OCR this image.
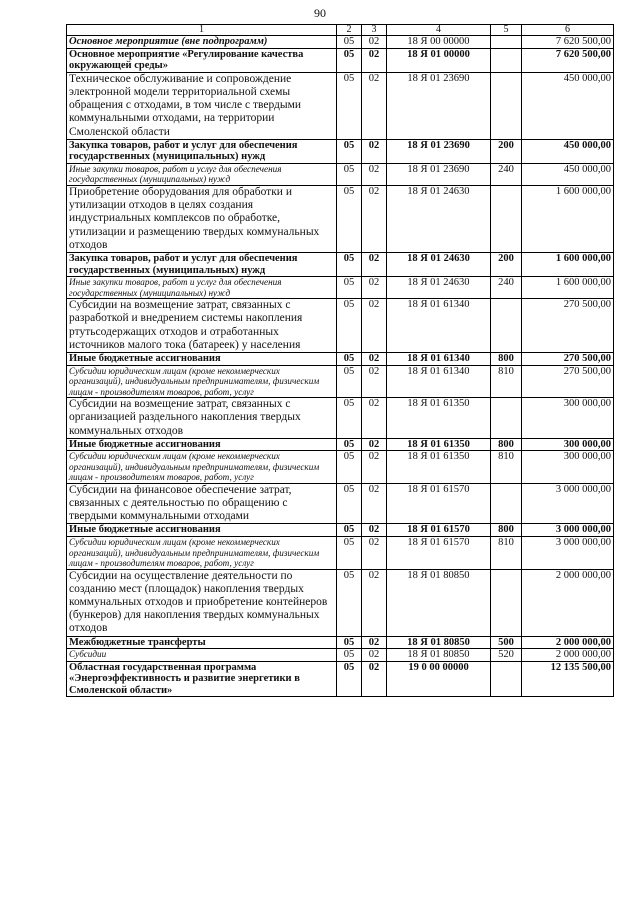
90
1	2	3	4	5	6
Основное мероприятие (вне подпрограмм)	05	02	18 Я 00 00000		7 620 500,00
Основное мероприятие «Регулирование качества окружающей среды»	05	02	18 Я 01 00000		7 620 500,00
Техническое обслуживание и сопровождение электронной модели территориальной схемы обращения с отходами, в том числе с твердыми коммунальными отходами, на территории Смоленской области	05	02	18 Я 01 23690		450 000,00
Закупка товаров, работ и услуг для обеспечения государственных (муниципальных) нужд	05	02	18 Я 01 23690	200	450 000,00
Иные закупки товаров, работ и услуг для обеспечения государственных (муниципальных) нужд	05	02	18 Я 01 23690	240	450 000,00
Приобретение оборудования для обработки и утилизации отходов в целях создания индустриальных комплексов по обработке, утилизации и размещению твердых коммунальных отходов	05	02	18 Я 01 24630		1 600 000,00
Закупка товаров, работ и услуг для обеспечения государственных (муниципальных) нужд	05	02	18 Я 01 24630	200	1 600 000,00
Иные закупки товаров, работ и услуг для обеспечения государственных (муниципальных) нужд	05	02	18 Я 01 24630	240	1 600 000,00
Субсидии на возмещение затрат, связанных с разработкой и внедрением системы накопления ртутьсодержащих отходов и отработанных источников малого тока (батареек) у населения	05	02	18 Я 01 61340		270 500,00
Иные бюджетные ассигнования	05	02	18 Я 01 61340	800	270 500,00
Субсидии юридическим лицам (кроме некоммерческих организаций), индивидуальным предпринимателям, физическим лицам - производителям товаров, работ, услуг	05	02	18 Я 01 61340	810	270 500,00
Субсидии на возмещение затрат, связанных с организацией раздельного накопления твердых коммунальных отходов	05	02	18 Я 01 61350		300 000,00
Иные бюджетные ассигнования	05	02	18 Я 01 61350	800	300 000,00
Субсидии юридическим лицам (кроме некоммерческих организаций), индивидуальным предпринимателям, физическим лицам - производителям товаров, работ, услуг	05	02	18 Я 01 61350	810	300 000,00
Субсидии на финансовое обеспечение затрат, связанных с деятельностью по обращению с твердыми коммунальными отходами	05	02	18 Я 01 61570		3 000 000,00
Иные бюджетные ассигнования	05	02	18 Я 01 61570	800	3 000 000,00
Субсидии юридическим лицам (кроме некоммерческих организаций), индивидуальным предпринимателям, физическим лицам - производителям товаров, работ, услуг	05	02	18 Я 01 61570	810	3 000 000,00
Субсидии на осуществление деятельности по созданию мест (площадок) накопления твердых коммунальных отходов и приобретение контейнеров (бункеров) для накопления твердых коммунальных отходов	05	02	18 Я 01 80850		2 000 000,00
Межбюджетные трансферты	05	02	18 Я 01 80850	500	2 000 000,00
Субсидии	05	02	18 Я 01 80850	520	2 000 000,00
Областная государственная программа «Энергоэффективность и развитие энергетики в Смоленской области»	05	02	19 0 00 00000		12 135 500,00
